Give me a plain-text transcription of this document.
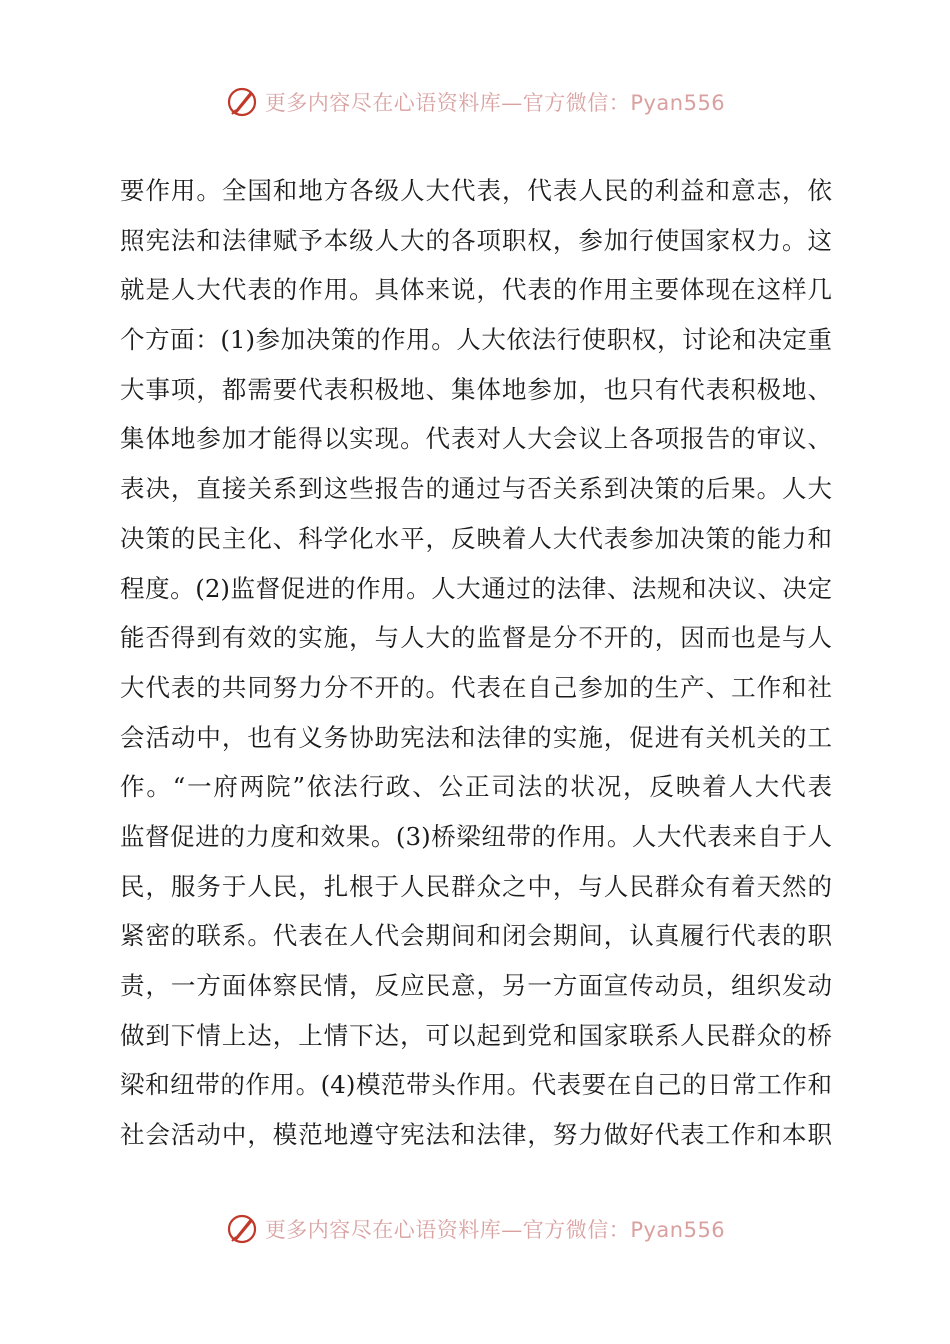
更多内容尽在心语资料库—官方微信：Pyan556
要作用。全国和地方各级人大代表，代表人民的利益和意志，依
照宪法和法律赋予本级人大的各项职权，参加行使国家权力。这
就是人大代表的作用。具体来说，代表的作用主要体现在这样几
个方面：(1)参加决策的作用。人大依法行使职权，讨论和决定重
大事项，都需要代表积极地、集体地参加，也只有代表积极地、
集体地参加才能得以实现。代表对人大会议上各项报告的审议、
表决，直接关系到这些报告的通过与否关系到决策的后果。人大
决策的民主化、科学化水平，反映着人大代表参加决策的能力和
程度。(2)监督促进的作用。人大通过的法律、法规和决议、决定
能否得到有效的实施，与人大的监督是分不开的，因而也是与人
大代表的共同努力分不开的。代表在自己参加的生产、工作和社
会活动中，也有义务协助宪法和法律的实施，促进有关机关的工
作。“一府两院”依法行政、公正司法的状况，反映着人大代表
监督促进的力度和效果。(3)桥梁纽带的作用。人大代表来自于人
民，服务于人民，扎根于人民群众之中，与人民群众有着天然的
紧密的联系。代表在人代会期间和闭会期间，认真履行代表的职
责，一方面体察民情，反应民意，另一方面宣传动员，组织发动
做到下情上达，上情下达，可以起到党和国家联系人民群众的桥
梁和纽带的作用。(4)模范带头作用。代表要在自己的日常工作和
社会活动中，模范地遵守宪法和法律，努力做好代表工作和本职
更多内容尽在心语资料库—官方微信：Pyan556
